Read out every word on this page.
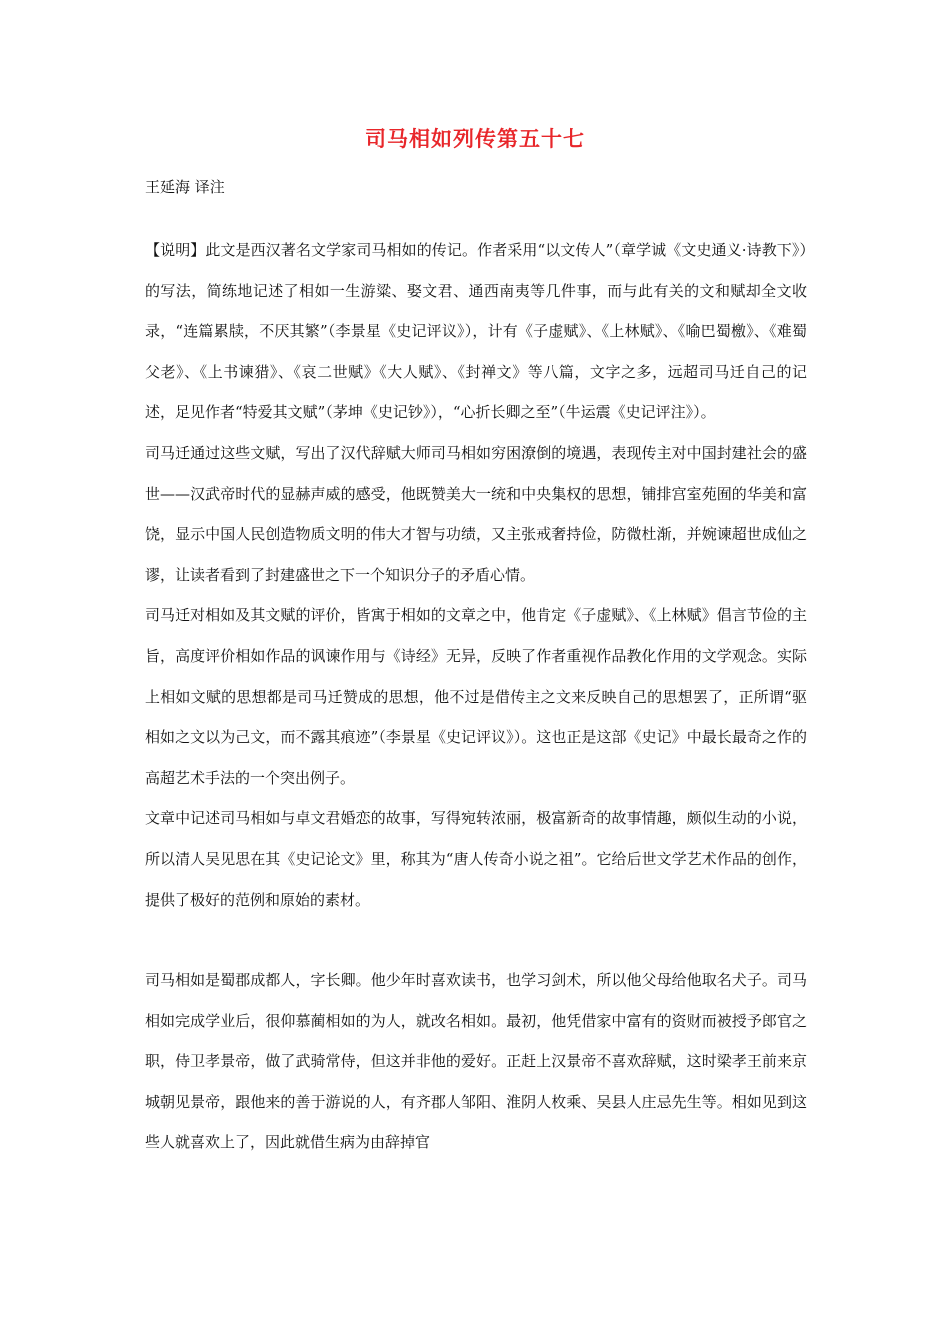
司马相如列传第五十七
王延海 译注

【说明】此文是西汉著名文学家司马相如的传记。作者采用“以文传人”（章学诚《文史通义·诗教下》）的写法，简练地记述了相如一生游粱、娶文君、通西南夷等几件事，而与此有关的文和赋却全文收录，“连篇累牍，不厌其繁”（李景星《史记评议》），计有《子虚赋》、《上林赋》、《喻巴蜀檄》、《难蜀父老》、《上书谏猎》、《哀二世赋》《大人赋》、《封禅文》等八篇，文字之多，远超司马迁自己的记述，足见作者“特爱其文赋”（茅坤《史记钞》），“心折长卿之至”（牛运震《史记评注》）。

司马迁通过这些文赋，写出了汉代辞赋大师司马相如穷困潦倒的境遇，表现传主对中国封建社会的盛世——汉武帝时代的显赫声威的感受，他既赞美大一统和中央集权的思想，铺排宫室苑囿的华美和富饶，显示中国人民创造物质文明的伟大才智与功绩，又主张戒奢持俭，防微杜渐，并婉谏超世成仙之谬，让读者看到了封建盛世之下一个知识分子的矛盾心情。

司马迁对相如及其文赋的评价，皆寓于相如的文章之中，他肯定《子虚赋》、《上林赋》倡言节俭的主旨，高度评价相如作品的讽谏作用与《诗经》无异，反映了作者重视作品教化作用的文学观念。实际上相如文赋的思想都是司马迁赞成的思想，他不过是借传主之文来反映自己的思想罢了，正所谓“驱相如之文以为己文，而不露其痕迹”（李景星《史记评议》）。这也正是这部《史记》中最长最奇之作的高超艺术手法的一个突出例子。

文章中记述司马相如与卓文君婚恋的故事，写得宛转浓丽，极富新奇的故事情趣，颇似生动的小说，所以清人吴见思在其《史记论文》里，称其为“唐人传奇小说之祖”。它给后世文学艺术作品的创作，提供了极好的范例和原始的素材。

司马相如是蜀郡成都人，字长卿。他少年时喜欢读书，也学习剑术，所以他父母给他取名犬子。司马相如完成学业后，很仰慕蔺相如的为人，就改名相如。最初，他凭借家中富有的资财而被授予郎官之职，侍卫孝景帝，做了武骑常侍，但这并非他的爱好。正赶上汉景帝不喜欢辞赋，这时梁孝王前来京城朝见景帝，跟他来的善于游说的人，有齐郡人邹阳、淮阴人枚乘、吴县人庄忌先生等。相如见到这些人就喜欢上了，因此就借生病为由辞掉官
